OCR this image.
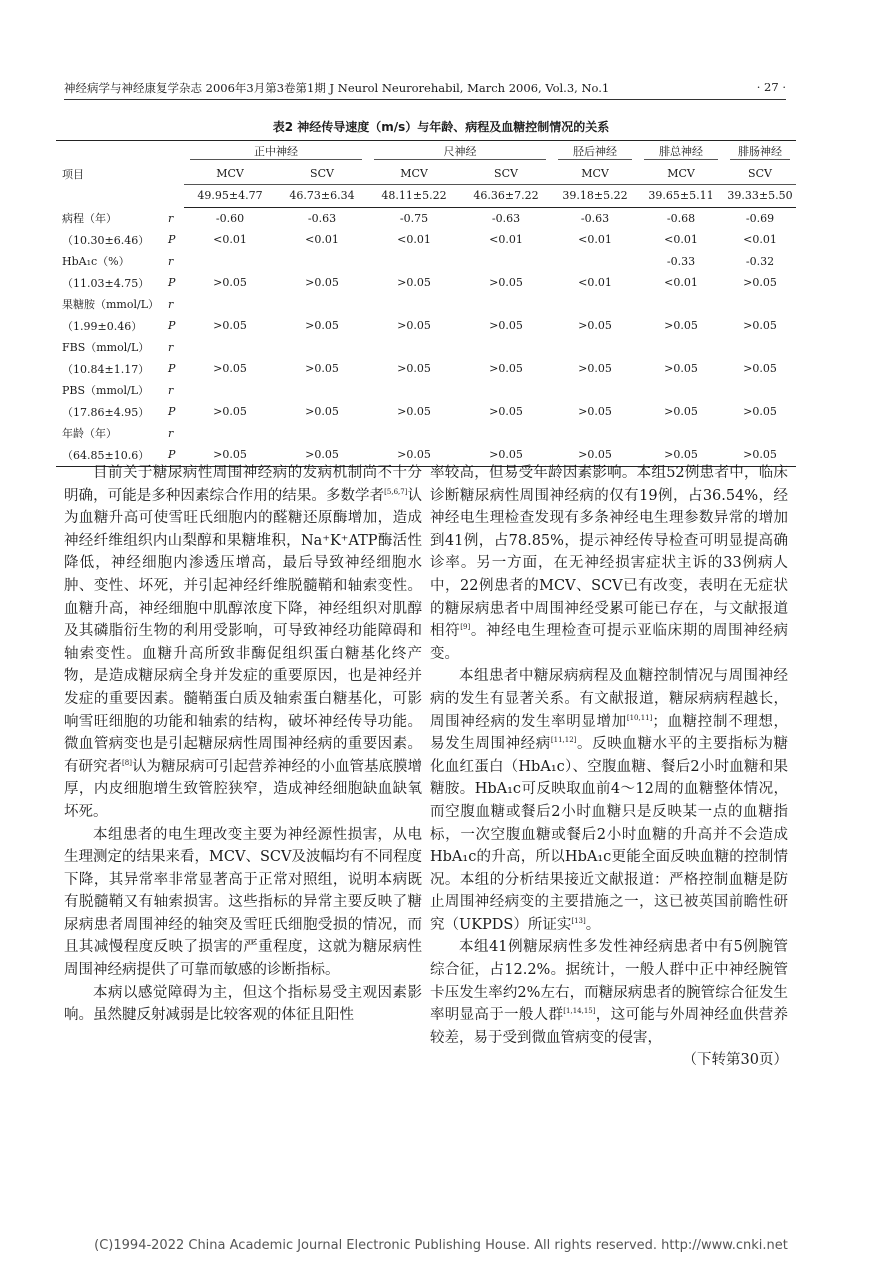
神经病学与神经康复学杂志 2006年3月第3卷第1期 J Neurol Neurorehabil, March 2006, Vol.3, No.1	· 27 ·
表2 神经传导速度（m/s）与年龄、病程及血糖控制情况的关系
项目		正中神经		尺神经		胫后神经	腓总神经	腓肠神经

		MCV	SCV	MCV	SCV	MCV	MCV	SCV
		49.95±4.77	46.73±6.34	48.11±5.22	46.36±7.22	39.18±5.22	39.65±5.11	39.33±5.50
病程（年）	r	-0.60	-0.63	-0.75	-0.63	-0.63	-0.68	-0.69
（10.30±6.46）	P	<0.01	<0.01	<0.01	<0.01	<0.01	<0.01	<0.01
HbA₁c（%）	r						-0.33	-0.32
（11.03±4.75）	P	>0.05	>0.05	>0.05	>0.05	<0.01	<0.01	>0.05
果糖胺（mmol/L）	r							
（1.99±0.46）	P	>0.05	>0.05	>0.05	>0.05	>0.05	>0.05	>0.05
FBS（mmol/L）	r							
（10.84±1.17）	P	>0.05	>0.05	>0.05	>0.05	>0.05	>0.05	>0.05
PBS（mmol/L）	r							
（17.86±4.95）	P	>0.05	>0.05	>0.05	>0.05	>0.05	>0.05	>0.05
年龄（年）	r							
（64.85±10.6）	P	>0.05	>0.05	>0.05	>0.05	>0.05	>0.05	>0.05

目前关于糖尿病性周围神经病的发病机制尚不十分明确，可能是多种因素综合作用的结果。多数学者[5,6,7]认为血糖升高可使雪旺氏细胞内的醛糖还原酶增加，造成神经纤维组织内山梨醇和果糖堆积，Na⁺K⁺ATP酶活性降低，神经细胞内渗透压增高，最后导致神经细胞水肿、变性、坏死，并引起神经纤维脱髓鞘和轴索变性。血糖升高，神经细胞中肌醇浓度下降，神经组织对肌醇及其磷脂衍生物的利用受影响，可导致神经功能障碍和轴索变性。血糖升高所致非酶促组织蛋白糖基化终产物，是造成糖尿病全身并发症的重要原因，也是神经并发症的重要因素。髓鞘蛋白质及轴索蛋白糖基化，可影响雪旺细胞的功能和轴索的结构，破坏神经传导功能。微血管病变也是引起糖尿病性周围神经病的重要因素。有研究者[8]认为糖尿病可引起营养神经的小血管基底膜增厚，内皮细胞增生致管腔狭窄，造成神经细胞缺血缺氧坏死。

本组患者的电生理改变主要为神经源性损害，从电生理测定的结果来看，MCV、SCV及波幅均有不同程度下降，其异常率非常显著高于正常对照组，说明本病既有脱髓鞘又有轴索损害。这些指标的异常主要反映了糖尿病患者周围神经的轴突及雪旺氏细胞受损的情况，而且其减慢程度反映了损害的严重程度，这就为糖尿病性周围神经病提供了可靠而敏感的诊断指标。

本病以感觉障碍为主，但这个指标易受主观因素影响。虽然腱反射减弱是比较客观的体征且阳性

率较高，但易受年龄因素影响。本组52例患者中，临床诊断糖尿病性周围神经病的仅有19例，占36.54%，经神经电生理检查发现有多条神经电生理参数异常的增加到41例，占78.85%，提示神经传导检查可明显提高确诊率。另一方面，在无神经损害症状主诉的33例病人中，22例患者的MCV、SCV已有改变，表明在无症状的糖尿病患者中周围神经受累可能已存在，与文献报道相符[9]。神经电生理检查可提示亚临床期的周围神经病变。

本组患者中糖尿病病程及血糖控制情况与周围神经病的发生有显著关系。有文献报道，糖尿病病程越长，周围神经病的发生率明显增加[10,11]；血糖控制不理想，易发生周围神经病[11,12]。反映血糖水平的主要指标为糖化血红蛋白（HbA₁c）、空腹血糖、餐后2小时血糖和果糖胺。HbA₁c可反映取血前4～12周的血糖整体情况，而空腹血糖或餐后2小时血糖只是反映某一点的血糖指标，一次空腹血糖或餐后2小时血糖的升高并不会造成HbA₁c的升高，所以HbA₁c更能全面反映血糖的控制情况。本组的分析结果接近文献报道：严格控制血糖是防止周围神经病变的主要措施之一，这已被英国前瞻性研究（UKPDS）所证实[13]。

本组41例糖尿病性多发性神经病患者中有5例腕管综合征，占12.2%。据统计，一般人群中正中神经腕管卡压发生率约2%左右，而糖尿病患者的腕管综合征发生率明显高于一般人群[1,14,15]，这可能与外周神经血供营养较差，易于受到微血管病变的侵害，

（下转第30页）

(C)1994-2022 China Academic Journal Electronic Publishing House. All rights reserved. http://www.cnki.net
